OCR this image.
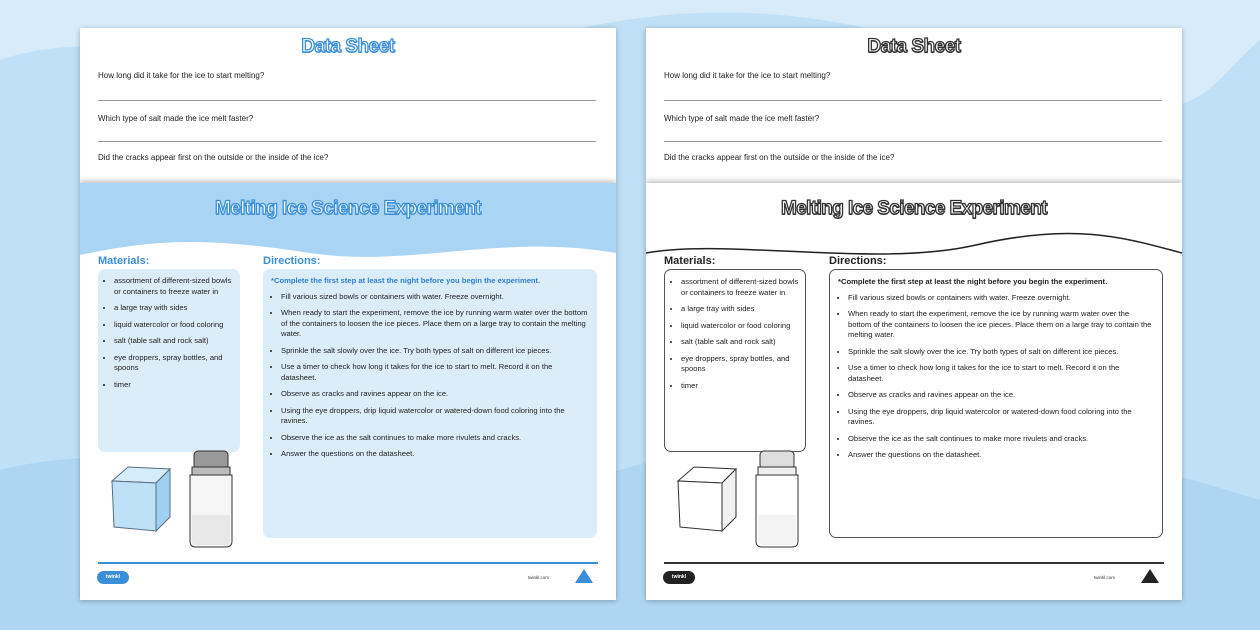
Data Sheet
How long did it take for the ice to start melting?
Which type of salt made the ice melt faster?
Did the cracks appear first on the outside or the inside of the ice?
Melting Ice Science Experiment
Materials:	Directions:
• assortment of different-sized bowls or containers to freeze water in
• a large tray with sides
• liquid watercolor or food coloring
• salt (table salt and rock salt)
• eye droppers, spray bottles, and spoons
• timer
*Complete the first step at least the night before you begin the experiment.
• Fill various sized bowls or containers with water. Freeze overnight.
• When ready to start the experiment, remove the ice by running warm water over the bottom of the containers to loosen the ice pieces. Place them on a large tray to contain the melting water.
• Sprinkle the salt slowly over the ice. Try both types of salt on different ice pieces.
• Use a timer to check how long it takes for the ice to start to melt. Record it on the datasheet.
• Observe as cracks and ravines appear on the ice.
• Using the eye droppers, drip liquid watercolor or watered-down food coloring into the ravines.
• Observe the ice as the salt continues to make more rivulets and cracks.
• Answer the questions on the datasheet.
twinkl	twinkl.com
Data Sheet
How long did it take for the ice to start melting?
Which type of salt made the ice melt faster?
Did the cracks appear first on the outside or the inside of the ice?
Melting Ice Science Experiment
Materials:	Directions:
• assortment of different-sized bowls or containers to freeze water in
• a large tray with sides
• liquid watercolor or food coloring
• salt (table salt and rock salt)
• eye droppers, spray bottles, and spoons
• timer
*Complete the first step at least the night before you begin the experiment.
• Fill various sized bowls or containers with water. Freeze overnight.
• When ready to start the experiment, remove the ice by running warm water over the bottom of the containers to loosen the ice pieces. Place them on a large tray to contain the melting water.
• Sprinkle the salt slowly over the ice. Try both types of salt on different ice pieces.
• Use a timer to check how long it takes for the ice to start to melt. Record it on the datasheet.
• Observe as cracks and ravines appear on the ice.
• Using the eye droppers, drip liquid watercolor or watered-down food coloring into the ravines.
• Observe the ice as the salt continues to make more rivulets and cracks.
• Answer the questions on the datasheet.
twinkl	twinkl.com
